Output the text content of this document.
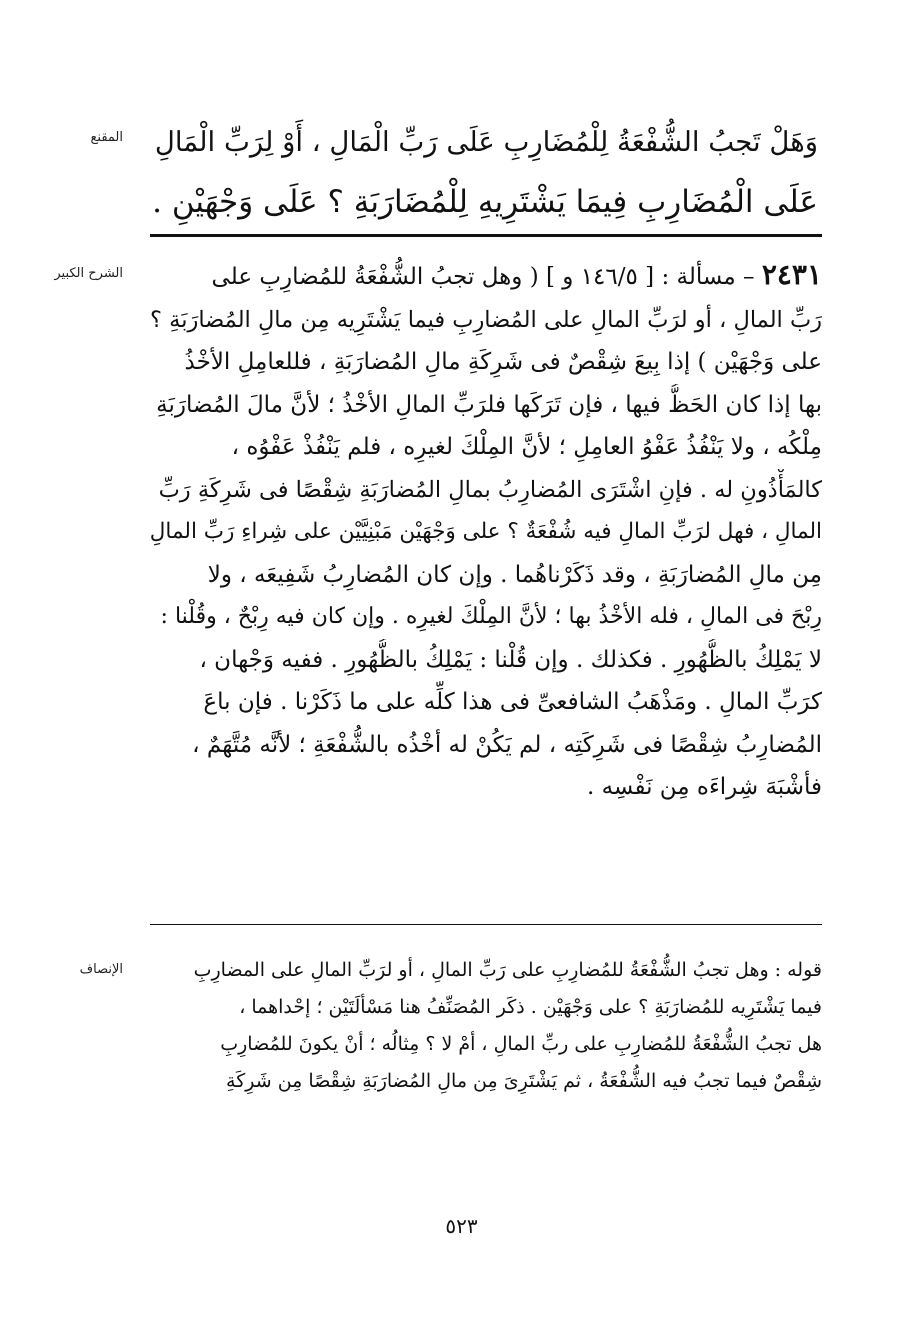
المقنع وَهَلْ تَجبُ الشُّفْعَةُ لِلْمُضَارِبِ عَلَى رَبِّ الْمَالِ ، أَوْ لِرَبِّ الْمَالِ
عَلَى الْمُضَارِبِ فِيمَا يَشْتَرِيهِ لِلْمُضَارَبَةِ ؟ عَلَى وَجْهَيْنِ .
الشرح الكبير	٢٤٣١ – مسألة : [ ١٤٦/٥ و ] ( وهل تجبُ الشُّفْعَةُ للمُضارِبِ على
رَبِّ المالِ ، أو لرَبِّ المالِ على المُضارِبِ فيما يَشْتَرِيه مِن مالِ المُضارَبَةِ ؟
على وَجْهَيْن ) إذا بِيعَ شِقْصٌ فى شَرِكَةِ مالِ المُضارَبَةِ ، فللعامِلِ الأخْذُ
بها إذا كان الحَظُّ فيها ، فإن تَرَكَها فلرَبِّ المالِ الأخْذُ ؛ لأنَّ مالَ المُضارَبَةِ
مِلْكُه ، ولا يَنْفُذُ عَفْوُ العامِلِ ؛ لأنَّ المِلْكَ لغيرِه ، فلم يَنْفُذْ عَفْوُه ،
كالمَأْذُونِ له . فإنِ اشْتَرَى المُضارِبُ بمالِ المُضارَبَةِ شِقْصًا فى شَرِكَةِ رَبِّ
المالِ ، فهل لرَبِّ المالِ فيه شُفْعَةٌ ؟ على وَجْهَيْن مَبْنِيَّيْن على شِراءِ رَبِّ المالِ
مِن مالِ المُضارَبَةِ ، وقد ذَكَرْناهُما . وإن كان المُضارِبُ شَفِيعَه ، ولا
رِبْحَ فى المالِ ، فله الأخْذُ بها ؛ لأنَّ المِلْكَ لغيرِه . وإن كان فيه رِبْحٌ ، وقُلْنا :
لا يَمْلِكُ بالظُّهُورِ . فكذلك . وإن قُلْنا : يَمْلِكُ بالظُّهُورِ . ففيه وَجْهان ،
كرَبِّ المالِ . ومَذْهَبُ الشافعىِّ فى هذا كلِّه على ما ذَكَرْنا . فإن باعَ
المُضارِبُ شِقْصًا فى شَرِكَتِه ، لم يَكُنْ له أخْذُه بالشُّفْعَةِ ؛ لأنَّه مُتَّهَمٌ ،
فأشْبَهَ شِراءَه مِن نَفْسِه .
الإنصاف	قوله : وهل تجبُ الشُّفْعَةُ للمُضارِبِ على رَبِّ المالِ ، أو لرَبِّ المالِ على المضارِبِ
فيما يَشْتَرِيه للمُضارَبَةِ ؟ على وَجْهَيْن . ذكَر المُصَنِّفُ هنا مَسْألَتَيْن ؛ إحْداهما ،
هل تجبُ الشُّفْعَةُ للمُضارِبِ على ربِّ المالِ ، أمْ لا ؟ مِثالُه ؛ أنْ يكونَ للمُضارِبِ
شِقْصٌ فيما تجبُ فيه الشُّفْعَةُ ، ثم يَشْتَرِىَ مِن مالِ المُضارَبَةِ شِقْصًا مِن شَرِكَةِ
٥٢٣
